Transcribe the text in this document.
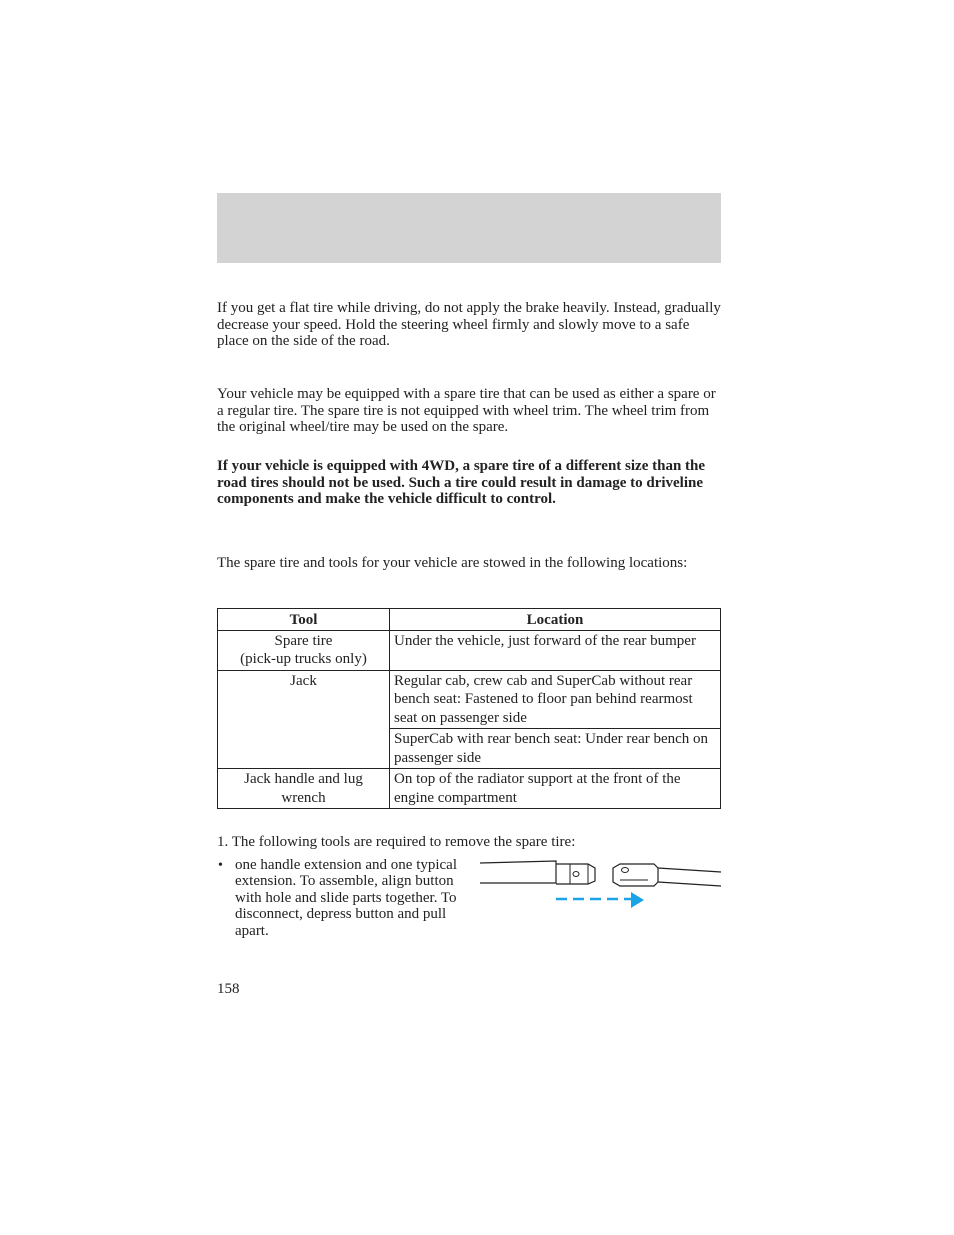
If you get a flat tire while driving, do not apply the brake heavily. Instead, gradually decrease your speed. Hold the steering wheel firmly and slowly move to a safe place on the side of the road.

Your vehicle may be equipped with a spare tire that can be used as either a spare or a regular tire. The spare tire is not equipped with wheel trim. The wheel trim from the original wheel/tire may be used on the spare.

If your vehicle is equipped with 4WD, a spare tire of a different size than the road tires should not be used. Such a tire could result in damage to driveline components and make the vehicle difficult to control.

The spare tire and tools for your vehicle are stowed in the following locations:

Tool	Location

Spare tire
(pick-up trucks only)	Under the vehicle, just forward of the rear bumper
Jack	Regular cab, crew cab and SuperCab without rear bench seat: Fastened to floor pan behind rearmost seat on passenger side
	SuperCab with rear bench seat: Under rear bench on passenger side
Jack handle and lug wrench	On top of the radiator support at the front of the engine compartment
1. The following tools are required to remove the spare tire:
• one handle extension and one typical extension. To assemble, align button with hole and slide parts together. To disconnect, depress button and pull apart.
158
